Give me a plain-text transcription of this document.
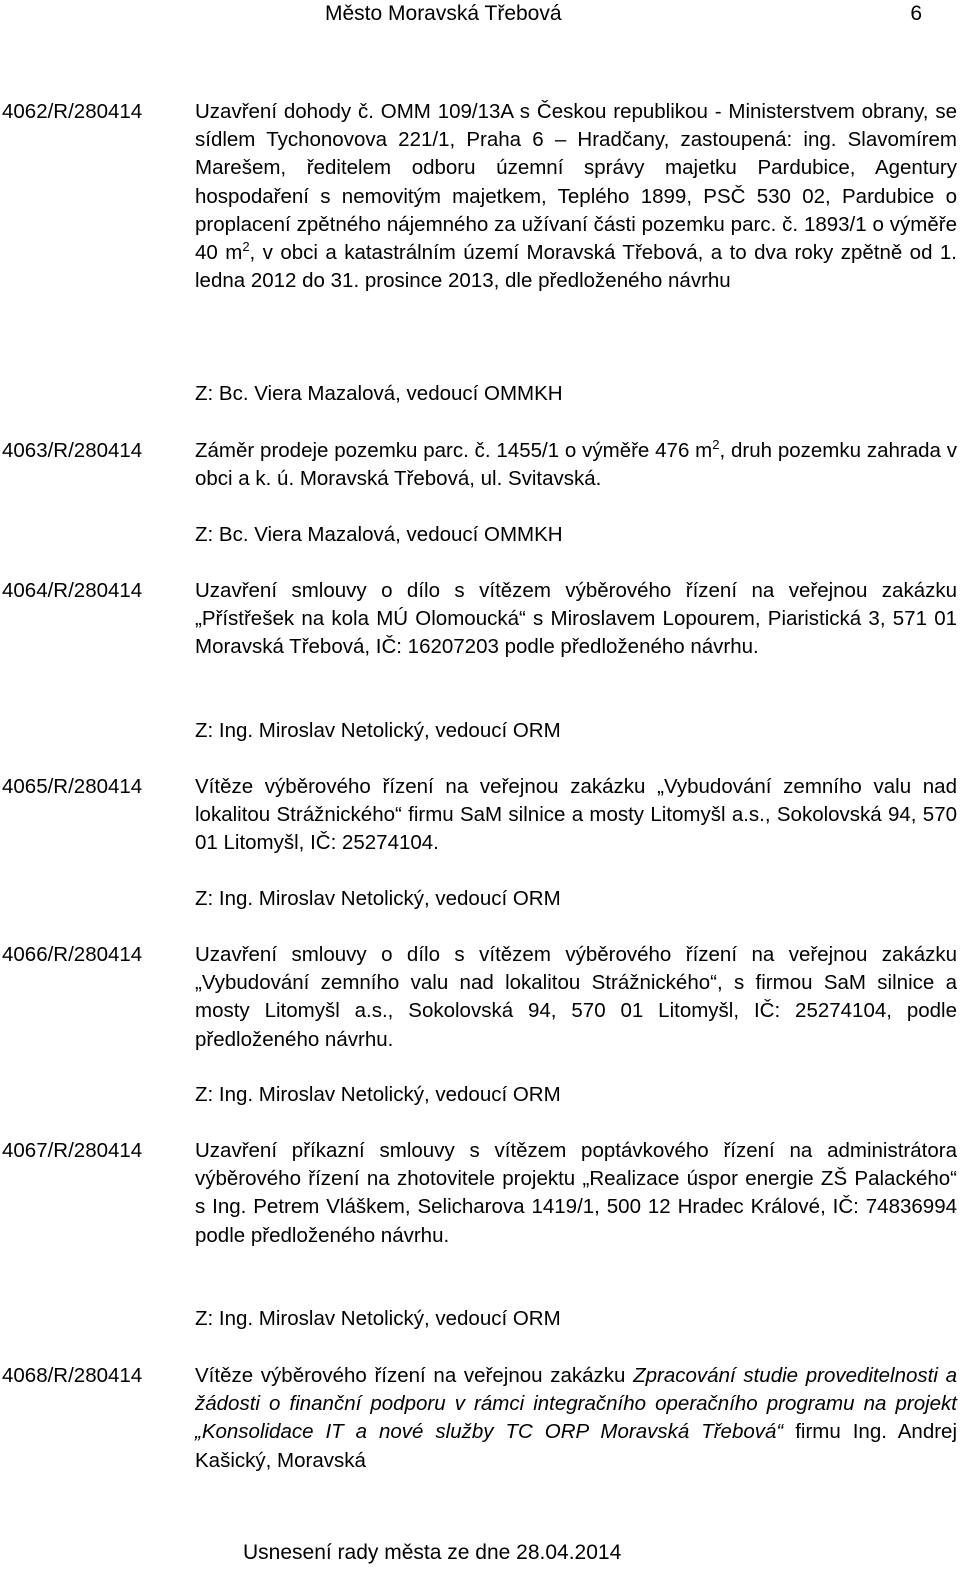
Město Moravská Třebová	6
4062/R/280414	Uzavření dohody č. OMM 109/13A s Českou republikou - Ministerstvem obrany, se sídlem Tychonovova 221/1, Praha 6 – Hradčany, zastoupená: ing. Slavomírem Marešem, ředitelem odboru územní správy majetku Pardubice, Agentury hospodaření s nemovitým majetkem, Teplého 1899, PSČ 530 02, Pardubice o proplacení zpětného nájemného za užívaní části pozemku parc. č. 1893/1 o výměře 40 $m^2$, v obci a katastrálním území Moravská Třebová, a to dva roky zpětně od 1. ledna 2012 do 31. prosince 2013, dle předloženého návrhu

Z: Bc. Viera Mazalová, vedoucí OMMKH
4063/R/280414	Záměr prodeje pozemku parc. č. 1455/1 o výměře 476 $m^2$, druh pozemku zahrada v obci a k. ú. Moravská Třebová, ul. Svitavská.

Z: Bc. Viera Mazalová, vedoucí OMMKH
4064/R/280414	Uzavření smlouvy o dílo s vítězem výběrového řízení na veřejnou zakázku „Přístřešek na kola MÚ Olomoucká“ s Miroslavem Lopourem, Piaristická 3, 571 01 Moravská Třebová, IČ: 16207203 podle předloženého návrhu.

Z: Ing. Miroslav Netolický, vedoucí ORM
4065/R/280414	Vítěze výběrového řízení na veřejnou zakázku „Vybudování zemního valu nad lokalitou Strážnického“ firmu SaM silnice a mosty Litomyšl a.s., Sokolovská 94, 570 01 Litomyšl, IČ: 25274104.

Z: Ing. Miroslav Netolický, vedoucí ORM
4066/R/280414	Uzavření smlouvy o dílo s vítězem výběrového řízení na veřejnou zakázku „Vybudování zemního valu nad lokalitou Strážnického“, s firmou SaM silnice a mosty Litomyšl a.s., Sokolovská 94, 570 01 Litomyšl, IČ: 25274104, podle předloženého návrhu.

Z: Ing. Miroslav Netolický, vedoucí ORM
4067/R/280414	Uzavření příkazní smlouvy s vítězem poptávkového řízení na administrátora výběrového řízení na zhotovitele projektu „Realizace úspor energie ZŠ Palackého“ s Ing. Petrem Vláškem, Selicharova 1419/1, 500 12 Hradec Králové, IČ: 74836994 podle předloženého návrhu.

Z: Ing. Miroslav Netolický, vedoucí ORM
4068/R/280414	Vítěze výběrového řízení na veřejnou zakázku Zpracování studie proveditelnosti a žádosti o finanční podporu v rámci integračního operačního programu na projekt „Konsolidace IT a nové služby TC ORP Moravská Třebová“ firmu Ing. Andrej Kašický, Moravská

Usnesení rady města ze dne 28.04.2014
